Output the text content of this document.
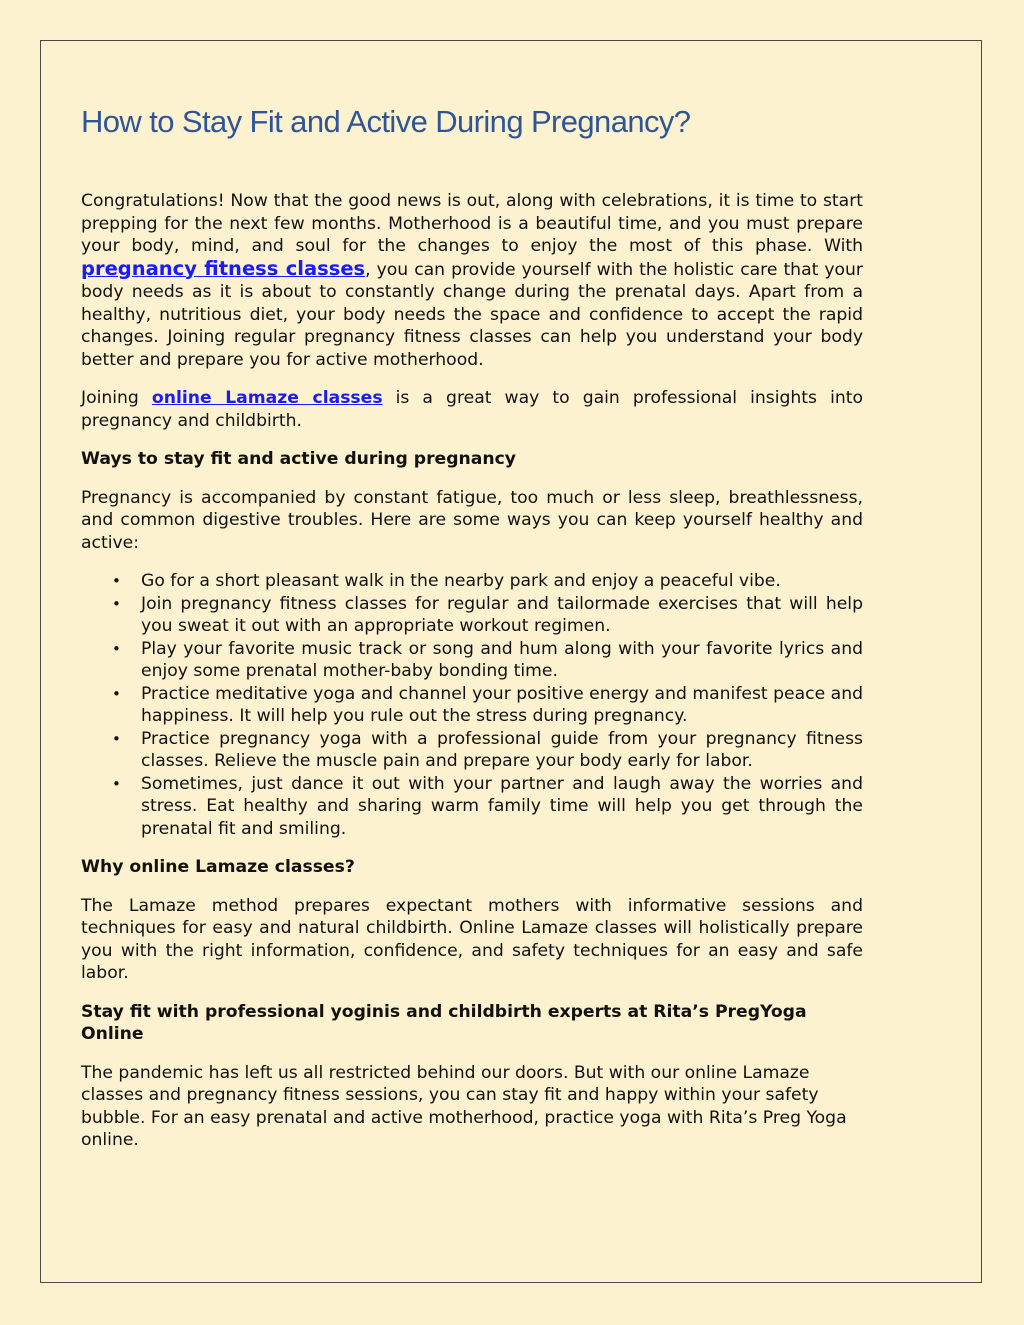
How to Stay Fit and Active During Pregnancy?

Congratulations! Now that the good news is out, along with celebrations, it is time to start prepping for the next few months. Motherhood is a beautiful time, and you must prepare your body, mind, and soul for the changes to enjoy the most of this phase. With pregnancy fitness classes, you can provide yourself with the holistic care that your body needs as it is about to constantly change during the prenatal days. Apart from a healthy, nutritious diet, your body needs the space and confidence to accept the rapid changes. Joining regular pregnancy fitness classes can help you understand your body better and prepare you for active motherhood.

Joining online Lamaze classes is a great way to gain professional insights into pregnancy and childbirth.

Ways to stay fit and active during pregnancy

Pregnancy is accompanied by constant fatigue, too much or less sleep, breathlessness, and common digestive troubles. Here are some ways you can keep yourself healthy and active:

• Go for a short pleasant walk in the nearby park and enjoy a peaceful vibe.
• Join pregnancy fitness classes for regular and tailormade exercises that will help you sweat it out with an appropriate workout regimen.
• Play your favorite music track or song and hum along with your favorite lyrics and enjoy some prenatal mother-baby bonding time.
• Practice meditative yoga and channel your positive energy and manifest peace and happiness. It will help you rule out the stress during pregnancy.
• Practice pregnancy yoga with a professional guide from your pregnancy fitness classes. Relieve the muscle pain and prepare your body early for labor.
• Sometimes, just dance it out with your partner and laugh away the worries and stress. Eat healthy and sharing warm family time will help you get through the prenatal fit and smiling.
Why online Lamaze classes?

The Lamaze method prepares expectant mothers with informative sessions and techniques for easy and natural childbirth. Online Lamaze classes will holistically prepare you with the right information, confidence, and safety techniques for an easy and safe labor.

Stay fit with professional yoginis and childbirth experts at Rita’s PregYoga Online

The pandemic has left us all restricted behind our doors. But with our online Lamaze classes and pregnancy fitness sessions, you can stay fit and happy within your safety bubble. For an easy prenatal and active motherhood, practice yoga with Rita’s Preg Yoga online.
